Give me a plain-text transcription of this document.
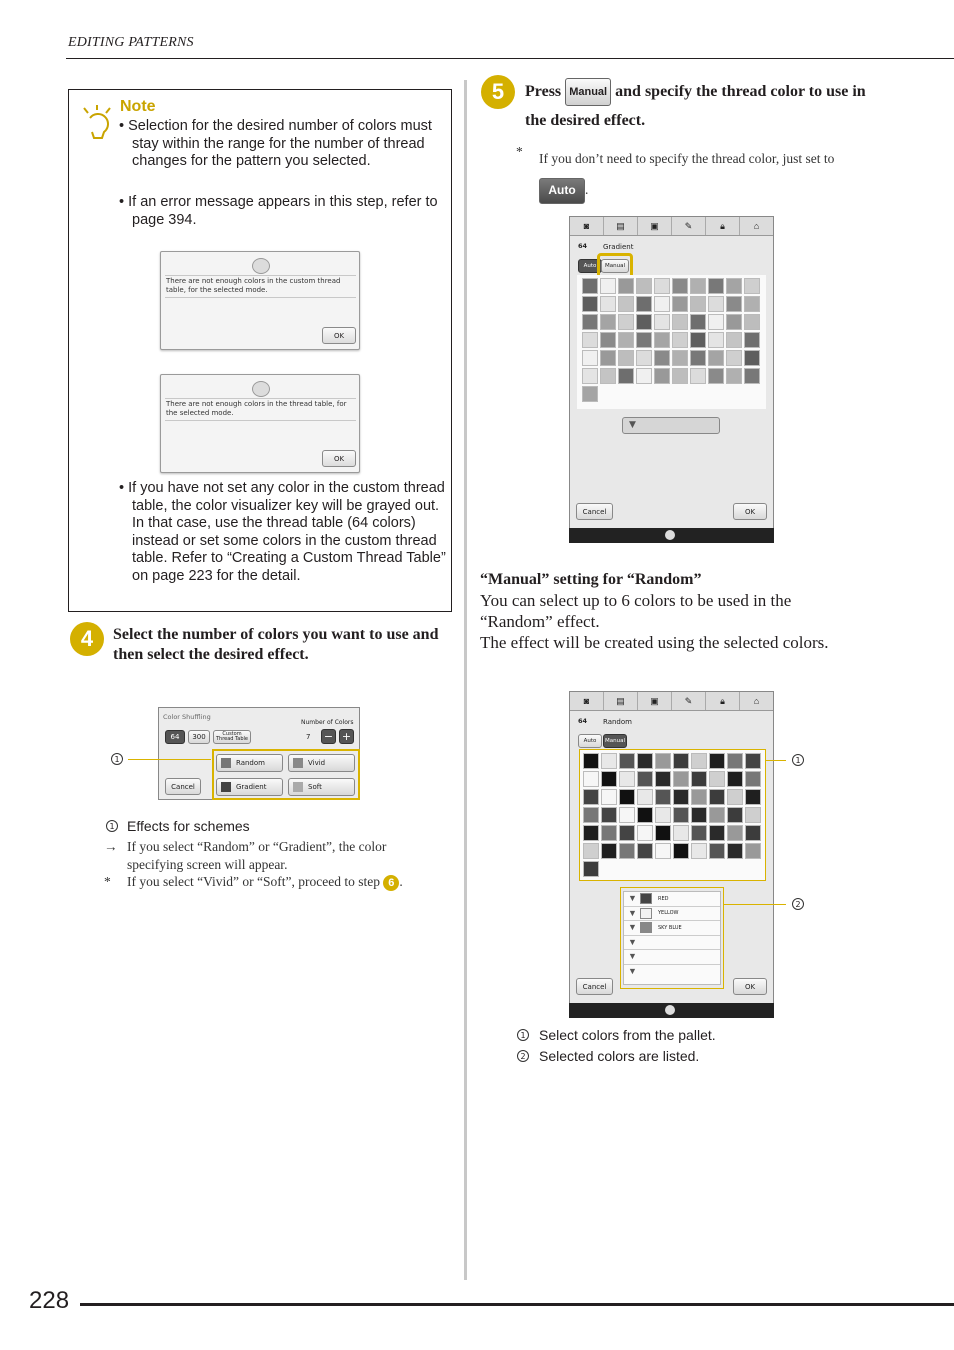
EDITING PATTERNS
Note
• Selection for the desired number of colors must stay within the range for the number of thread changes for the pattern you selected.
• If an error message appears in this step, refer to page 394.
There are not enough colors in the custom thread table, for the selected mode.
OK
There are not enough colors in the thread table, for the selected mode.
OK
• If you have not set any color in the custom thread table, the color visualizer key will be grayed out. In that case, use the thread table (64 colors) instead or set some colors in the custom thread table. Refer to “Creating a Custom Thread Table” on page 223 for the detail.
4	Select the number of colors you want to use and then select the desired effect.
Color Shuffling
Number of Colors
64	300	Custom Thread Table	7 − +
Cancel
Random	Vivid
Gradient	Soft
1
1 Effects for schemes
→ If you select “Random” or “Gradient”, the color specifying screen will appear.
* If you select “Vivid” or “Soft”, proceed to step 6 .
5	Press Manual and specify the thread color to use in the desired effect.
* If you don’t need to specify the thread color, just set to Auto .
◙	▤	▣	✎	🔒︎	⌂
64 Gradient
Auto	Manual
▼
Cancel	OK
“Manual” setting for “Random”
You can select up to 6 colors to be used in the “Random” effect.
The effect will be created using the selected colors.
◙	▤	▣	✎	🔒︎	⌂
64 Random
Auto	Manual
▼	RED
▼	YELLOW
▼	SKY BLUE
▼
▼
▼
Cancel	OK
1
2
1 Select colors from the pallet.
2 Selected colors are listed.
228
